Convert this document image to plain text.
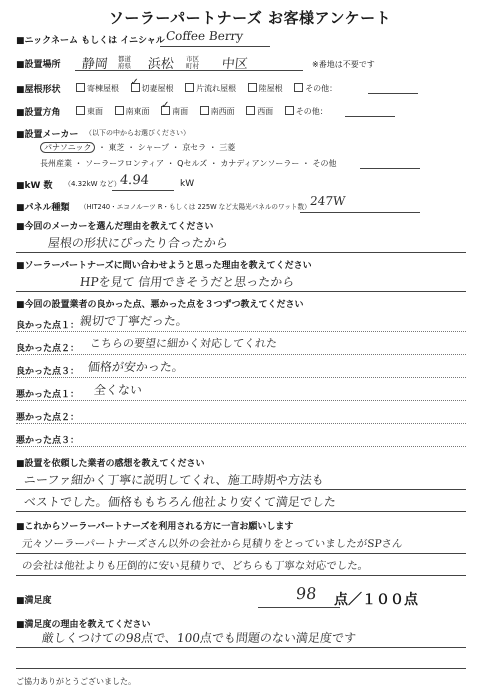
ソーラーパートナーズ お客様アンケート
■ニックネーム もしくは イニシャル Coffee Berry
■設置場所 静岡 都道府県	浜松 市区町村	中区	※番地は不要です
■屋根形状	寄棟屋根 ✓	切妻屋根	片流れ屋根	陸屋根	その他：
■設置方角	東面	南東面 ✓	南面	南西面	西面	その他：
■設置メーカー （以下の中からお選びください）
パナソニック ・ 東芝 ・ シャープ ・ 京セラ ・ 三菱
長州産業 ・ ソーラーフロンティア ・ Qセルズ ・ カナディアンソーラー ・ その他
■kW 数 （4.32kW など）
4.94	kW
■パネル種類 （HIT240・エコノルーツ R・もしくは 225W など太陽光パネルのワット数）
247W
■今回のメーカーを選んだ理由を教えてください
屋根の形状にぴったり合ったから
■ソーラーパートナーズに問い合わせようと思った理由を教えてください
HPを見て 信用できそうだと思ったから
■今回の設置業者の良かった点、悪かった点を３つずつ教えてください
良かった点１： 親切で丁寧だった。
良かった点２： こちらの要望に細かく対応してくれた
良かった点３： 価格が安かった。
悪かった点１： 全くない
悪かった点２：
悪かった点３：
■設置を依頼した業者の感想を教えてください
ニーファ細かく丁寧に説明してくれ、施工時期や方法も
ベストでした。価格ももちろん他社より安くて満足でした
■これからソーラーパートナーズを利用される方に一言お願いします
元々ソーラーパートナーズさん以外の会社から見積りをとっていましたがSPさん
の会社は他社よりも圧倒的に安い見積りで、どちらも丁寧な対応でした。
■満足度	98 点／１００点
■満足度の理由を教えてください
厳しくつけての98点で、100点でも問題のない満足度です
ご協力ありがとうございました。
